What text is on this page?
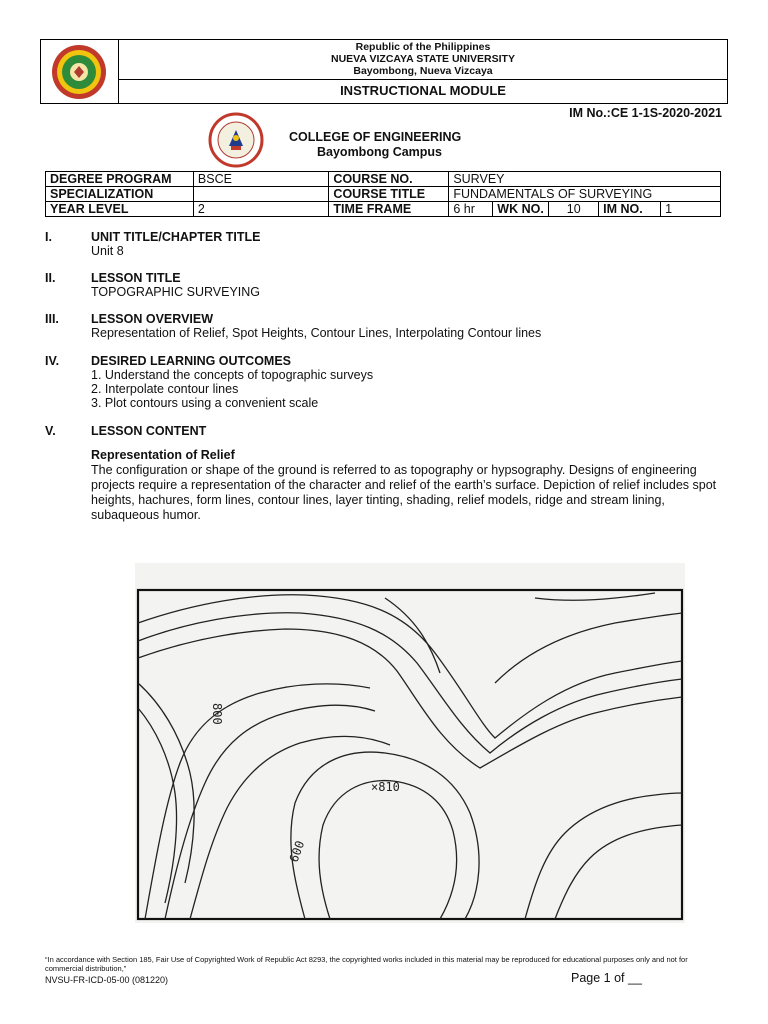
Republic of the Philippines
NUEVA VIZCAYA STATE UNIVERSITY
Bayombong, Nueva Vizcaya
INSTRUCTIONAL MODULE
IM No.:CE 1-1S-2020-2021
COLLEGE OF ENGINEERING
Bayombong Campus
DEGREE PROGRAM	BSCE	COURSE NO.	SURVEY				
SPECIALIZATION		COURSE TITLE	FUNDAMENTALS OF SURVEYING				
YEAR LEVEL	2	TIME FRAME	6 hr	WK NO.	10	IM NO.	1
I.	UNIT TITLE/CHAPTER TITLE
Unit 8
II.	LESSON TITLE
TOPOGRAPHIC SURVEYING
III.	LESSON OVERVIEW
Representation of Relief, Spot Heights, Contour Lines, Interpolating Contour lines
IV.	DESIRED LEARNING OUTCOMES
1. Understand the concepts of topographic surveys
2. Interpolate contour lines
3. Plot contours using a convenient scale
V.	LESSON CONTENT
Representation of Relief
The configuration or shape of the ground is referred to as topography or hypsography. Designs of engineering projects require a representation of the character and relief of the earth’s surface. Depiction of relief includes spot heights, hachures, form lines, contour lines, layer tinting, shading, relief models, ridge and stream lining, subaqueous humor.
800
×810
600
“In accordance with Section 185, Fair Use of Copyrighted Work of Republic Act 8293, the copyrighted works included in this material may be reproduced for educational purposes only and not for commercial distribution,”
NVSU-FR-ICD-05-00 (081220)	Page 1 of __
